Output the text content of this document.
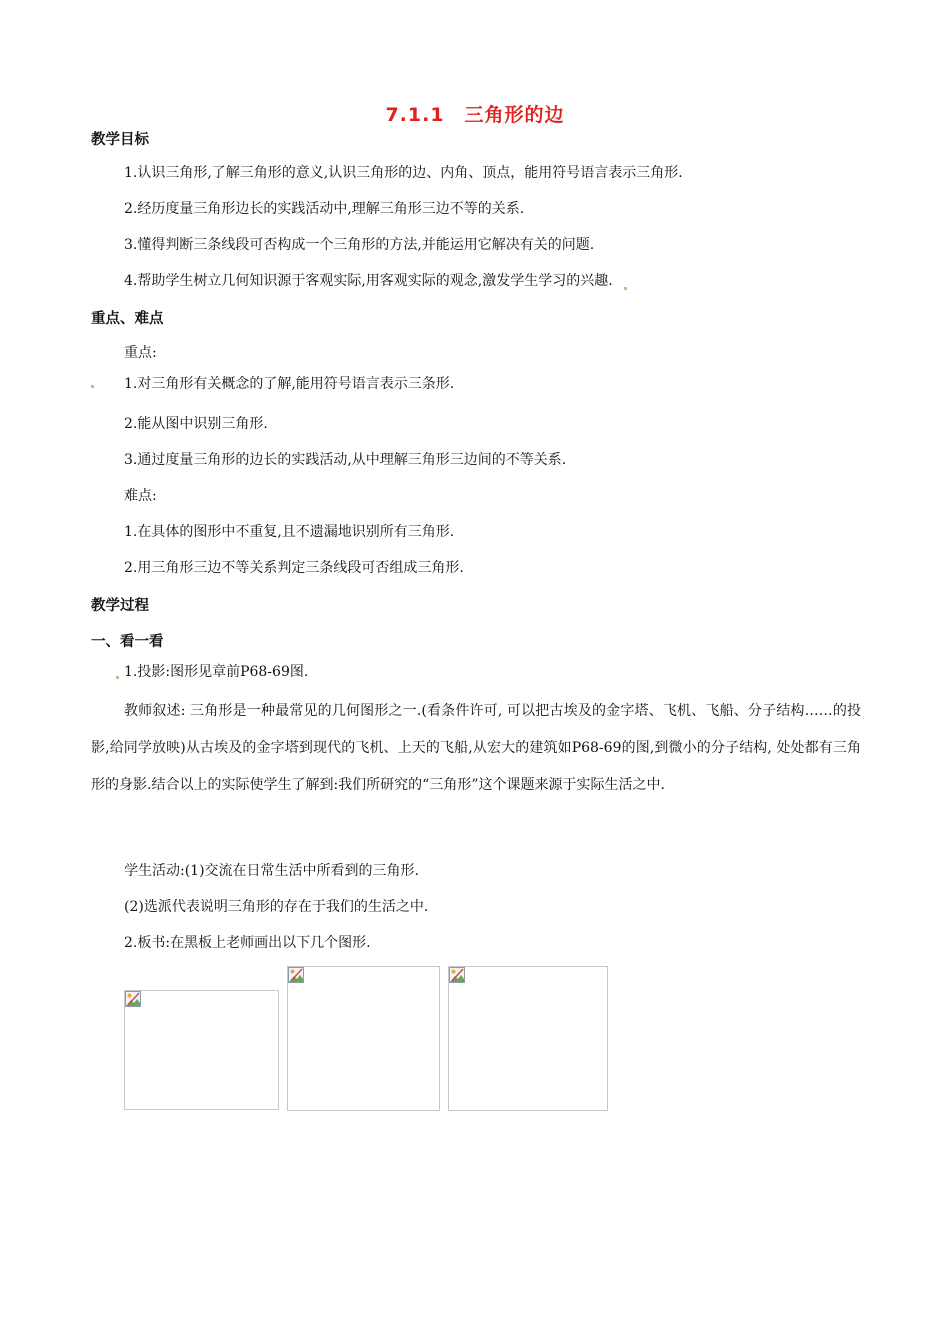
7.1.1　三角形的边
教学目标
1.认识三角形,了解三角形的意义,认识三角形的边、内角、顶点，能用符号语言表示三角形.
2.经历度量三角形边长的实践活动中,理解三角形三边不等的关系.
3.懂得判断三条线段可否构成一个三角形的方法,并能运用它解决有关的问题.
4.帮助学生树立几何知识源于客观实际,用客观实际的观念,激发学生学习的兴趣.
重点、难点
重点:
1.对三角形有关概念的了解,能用符号语言表示三条形.
2.能从图中识别三角形.
3.通过度量三角形的边长的实践活动,从中理解三角形三边间的不等关系.
难点:
1.在具体的图形中不重复,且不遗漏地识别所有三角形.
2.用三角形三边不等关系判定三条线段可否组成三角形.
教学过程
一、看一看
1.投影:图形见章前P68-69图.

教师叙述: 三角形是一种最常见的几何图形之一.(看条件许可, 可以把古埃及的金字塔、飞机、飞船、分子结构……的投影,给同学放映)从古埃及的金字塔到现代的飞机、上天的飞船,从宏大的建筑如P68-69的图,到微小的分子结构, 处处都有三角形的身影.结合以上的实际使学生了解到:我们所研究的“三角形”这个课题来源于实际生活之中.

学生活动:(1)交流在日常生活中所看到的三角形.
(2)选派代表说明三角形的存在于我们的生活之中.
2.板书:在黑板上老师画出以下几个图形.
